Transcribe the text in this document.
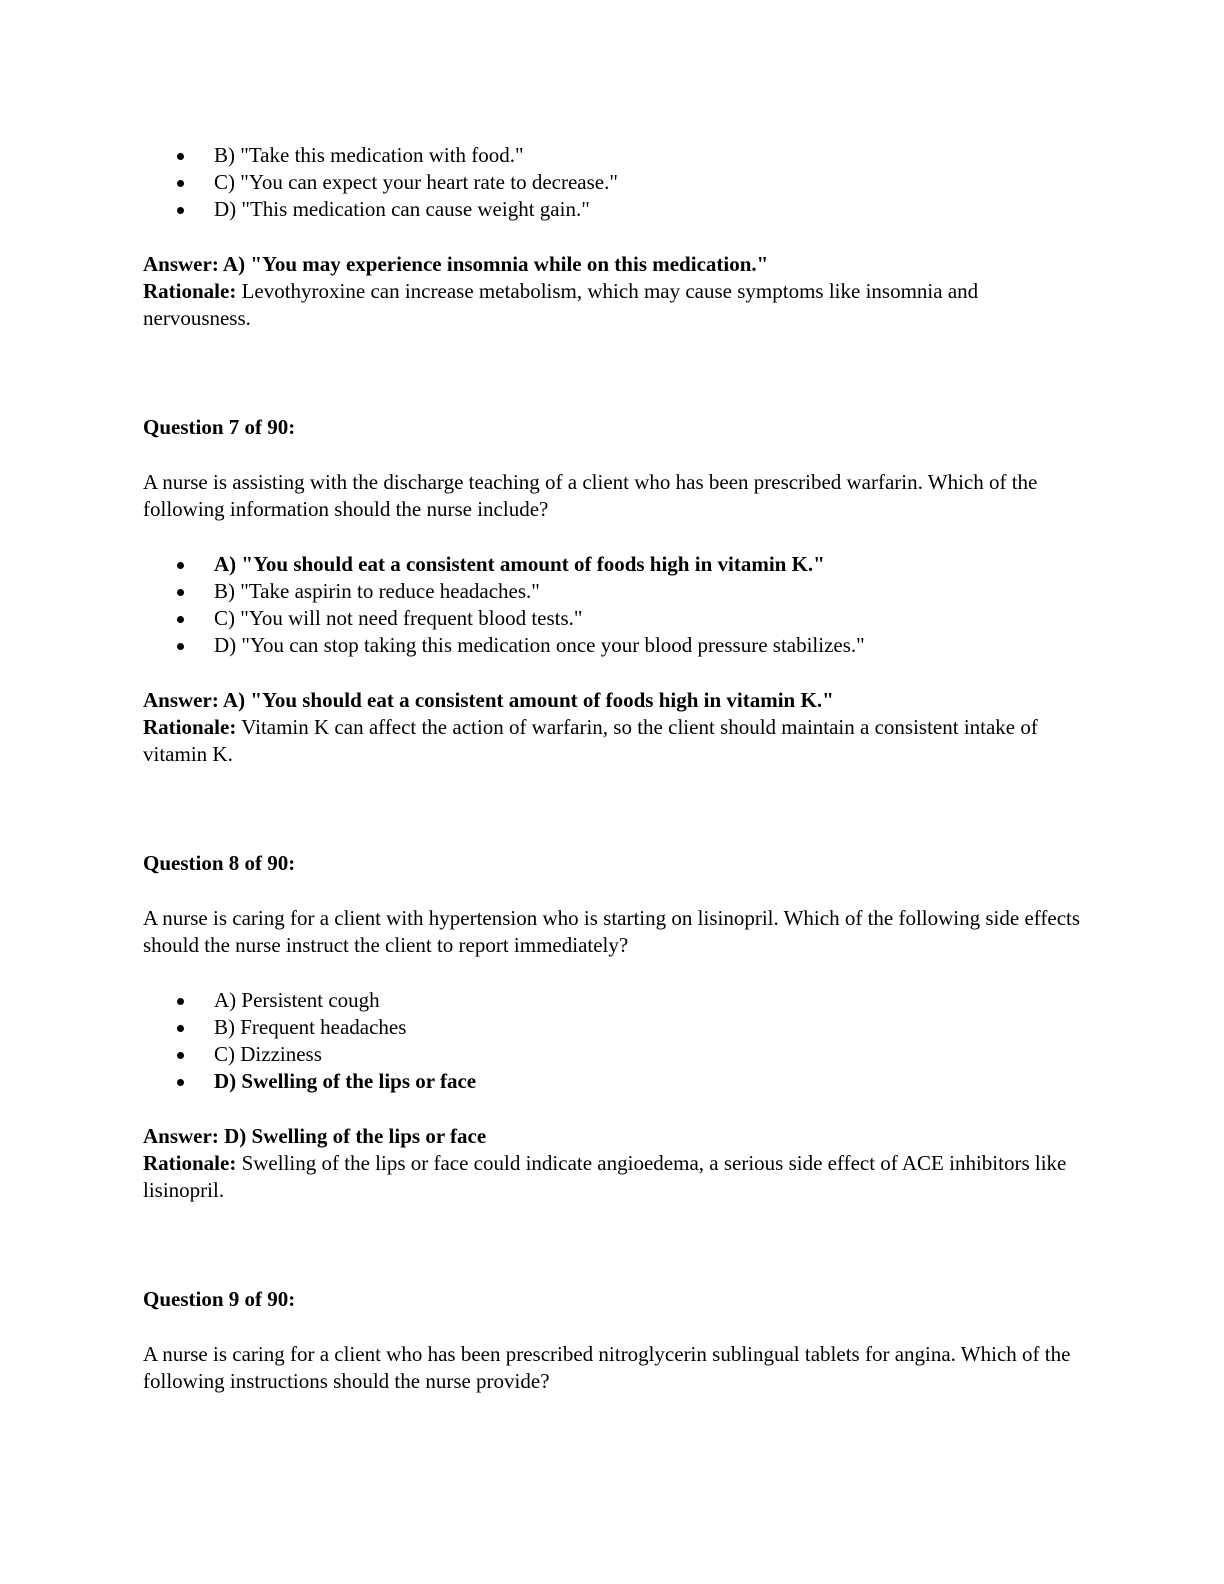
B) "Take this medication with food."
C) "You can expect your heart rate to decrease."
D) "This medication can cause weight gain."

Answer: A) "You may experience insomnia while on this medication."

Rationale: Levothyroxine can increase metabolism, which may cause symptoms like insomnia and nervousness.

Question 7 of 90:

A nurse is assisting with the discharge teaching of a client who has been prescribed warfarin. Which of the following information should the nurse include?

A) "You should eat a consistent amount of foods high in vitamin K."
B) "Take aspirin to reduce headaches."
C) "You will not need frequent blood tests."
D) "You can stop taking this medication once your blood pressure stabilizes."

Answer: A) "You should eat a consistent amount of foods high in vitamin K."

Rationale: Vitamin K can affect the action of warfarin, so the client should maintain a consistent intake of vitamin K.

Question 8 of 90:

A nurse is caring for a client with hypertension who is starting on lisinopril. Which of the following side effects should the nurse instruct the client to report immediately?

A) Persistent cough
B) Frequent headaches
C) Dizziness
D) Swelling of the lips or face

Answer: D) Swelling of the lips or face

Rationale: Swelling of the lips or face could indicate angioedema, a serious side effect of ACE inhibitors like lisinopril.

Question 9 of 90:

A nurse is caring for a client who has been prescribed nitroglycerin sublingual tablets for angina. Which of the following instructions should the nurse provide?
